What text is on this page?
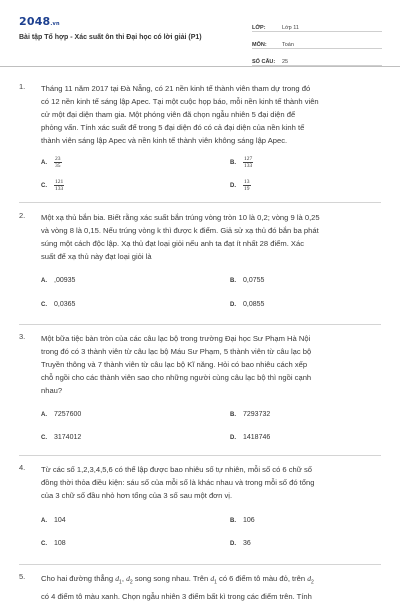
2048.vn
Bài tập Tổ hợp - Xác suất ôn thi Đại học có lời giải (P1)
LỚP:	Lớp 11
MÔN:	Toán
SỐ CÂU:	25
1. Tháng 11 năm 2017 tại Đà Nẵng, có 21 nền kinh tế thành viên tham dự trong đó
có 12 nền kinh tế sáng lập Apec. Tại một cuộc họp báo, mỗi nền kinh tế thành viên
cử một đại diện tham gia. Một phóng viên đã chọn ngẫu nhiên 5 đại diện để
phỏng vấn. Tính xác suất để trong 5 đại diện đó có cả đại diện của nền kinh tế
thành viên sáng lập Apec và nền kinh tế thành viên không sáng lập Apec.
A.	$\frac{23}{35}$	B.	$\frac{127}{133}$
C.	$\frac{121}{133}$	D.	$\frac{13}{19}$
2. Một xạ thủ bắn bia. Biết rằng xác suất bắn trúng vòng tròn 10 là 0,2; vòng 9 là 0,25
và vòng 8 là 0,15. Nếu trúng vòng k thì được k điểm. Giả sử xạ thủ đó bắn ba phát
súng một cách độc lập. Xạ thủ đạt loại giỏi nếu anh ta đạt ít nhất 28 điểm. Xác
suất để xạ thủ này đạt loại giỏi là
A.	,00935	B.	0,0755
C.	0,0365	D.	0,0855
3. Một bữa tiệc bàn tròn của các câu lạc bộ trong trường Đại học Sư Phạm Hà Nội
trong đó có 3 thành viên từ câu lạc bộ Máu Sư Phạm, 5 thành viên từ câu lạc bộ
Truyền thông và 7 thành viên từ câu lạc bộ Kĩ năng. Hỏi có bao nhiêu cách xếp
chỗ ngồi cho các thành viên sao cho những người cùng câu lạc bộ thì ngồi cạnh
nhau?
A.	7257600	B.	7293732
C.	3174012	D.	1418746
4. Từ các số 1,2,3,4,5,6 có thể lập được bao nhiêu số tự nhiên, mỗi số có 6 chữ số
đồng thời thỏa điều kiện: sáu số của mỗi số là khác nhau và trong mỗi số đó tổng
của 3 chữ số đầu nhỏ hơn tổng của 3 số sau một đơn vị.
A.	104	B.	106
C.	108	D.	36
5. Cho hai đường thẳng $d_1$, $d_2$ song song nhau. Trên $d_1$ có 6 điểm tô màu đỏ, trên $d_2$
có 4 điểm tô màu xanh. Chọn ngẫu nhiên 3 điểm bất kì trong các điểm trên. Tính
